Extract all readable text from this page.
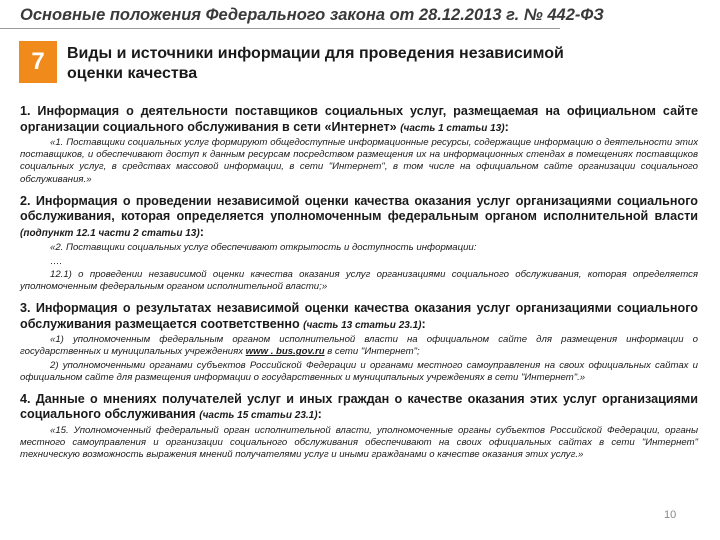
Основные положения Федерального закона от 28.12.2013 г. № 442-ФЗ
7	Виды и источники информации для проведения независимой
оценки качества
1. Информация о деятельности поставщиков социальных услуг, размещаемая на официальном сайте организации социального обслуживания в сети «Интернет» (часть 1 статьи 13):
«1. Поставщики социальных услуг формируют общедоступные информационные ресурсы, содержащие информацию о деятельности этих поставщиков, и обеспечивают доступ к данным ресурсам посредством размещения их на информационных стендах в помещениях поставщиков социальных услуг, в средствах массовой информации, в сети "Интернет", в том числе на официальном сайте организации социального обслуживания.»
2. Информация о проведении независимой оценки качества оказания услуг организациями социального обслуживания, которая определяется уполномоченным федеральным органом исполнительной власти (подпункт 12.1 части 2 статьи 13):
«2. Поставщики социальных услуг обеспечивают открытость и доступность информации:
….
12.1) о проведении независимой оценки качества оказания услуг организациями социального обслуживания, которая определяется уполномоченным федеральным органом исполнительной власти;»
3. Информация о результатах независимой оценки качества оказания услуг организациями социального обслуживания размещается соответственно (часть 13 статьи 23.1):
«1) уполномоченным федеральным органом исполнительной власти на официальном сайте для размещения информации о государственных и муниципальных учреждениях www . bus.gov.ru в сети "Интернет";
2) уполномоченными органами субъектов Российской Федерации и органами местного самоуправления на своих официальных сайтах и официальном сайте для размещения информации о государственных и муниципальных учреждениях в сети "Интернет".»
4. Данные о мнениях получателей услуг и иных граждан о качестве оказания этих услуг организациями социального обслуживания (часть 15 статьи 23.1):
«15. Уполномоченный федеральный орган исполнительной власти, уполномоченные органы субъектов Российской Федерации, органы местного самоуправления и организации социального обслуживания обеспечивают на своих официальных сайтах в сети "Интернет" техническую возможность выражения мнений получателями услуг и иными гражданами о качестве оказания этих услуг.»
10
